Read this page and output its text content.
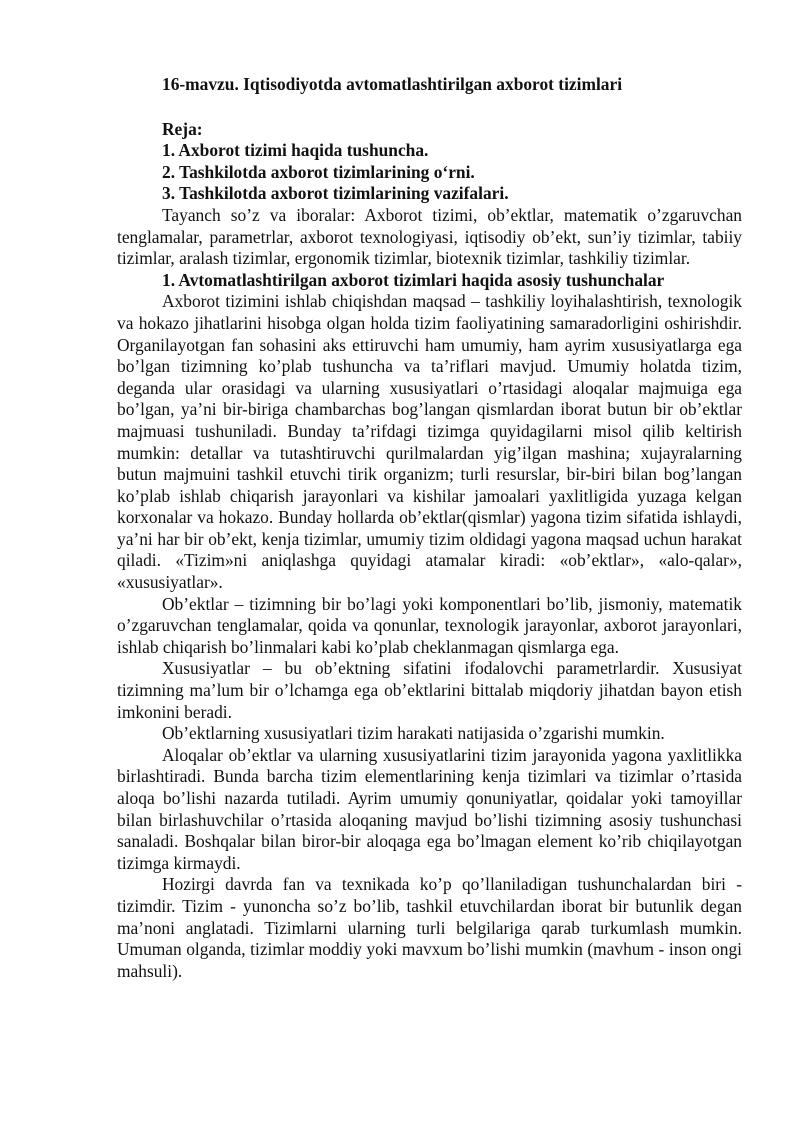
16-mavzu. Iqtisodiyotda avtomatlashtirilgan axborot tizimlari
Reja:
1. Axborot tizimi haqida tushuncha.
2. Tashkilotda axborot tizimlarining o‘rni.
3. Tashkilotda axborot tizimlarining vazifalari.

Tayanch so’z va iboralar: Axborot tizimi, ob’ektlar, matematik o’zgaruvchan tenglamalar, parametrlar, axborot texnologiyasi, iqtisodiy ob’ekt, sun’iy tizimlar, tabiiy tizimlar, aralash tizimlar, ergonomik tizimlar, biotexnik tizimlar, tashkiliy tizimlar.

1. Avtomatlashtirilgan axborot tizimlari haqida asosiy tushunchalar

Axborot tizimini ishlab chiqishdan maqsad – tashkiliy loyihalashtirish, texnologik va hokazo jihatlarini hisobga olgan holda tizim faoliyatining samaradorligini oshirishdir. Organilayotgan fan sohasini aks ettiruvchi ham umumiy, ham ayrim xususiyatlarga ega bo’lgan tizimning ko’plab tushuncha va ta’riflari mavjud. Umumiy holatda tizim, deganda ular orasidagi va ularning xususiyatlari o’rtasidagi aloqalar majmuiga ega bo’lgan, ya’ni bir-biriga chambarchas bog’langan qismlardan iborat butun bir ob’ektlar majmuasi tushuniladi. Bunday ta’rifdagi tizimga quyidagilarni misol qilib keltirish mumkin: detallar va tutashtiruvchi qurilmalardan yig’ilgan mashina; xujayralarning butun majmuini tashkil etuvchi tirik organizm; turli resurslar, bir-biri bilan bog’langan ko’plab ishlab chiqarish jarayonlari va kishilar jamoalari yaxlitligida yuzaga kelgan korxonalar va hokazo. Bunday hollarda ob’ektlar(qismlar) yagona tizim sifatida ishlaydi, ya’ni har bir ob’ekt, kenja tizimlar, umumiy tizim oldidagi yagona maqsad uchun harakat qiladi. «Tizim»ni aniqlashga quyidagi atamalar kiradi: «ob’ektlar», «alo-qalar», «xususiyatlar».

Ob’ektlar – tizimning bir bo’lagi yoki komponentlari bo’lib, jismoniy, matematik o’zgaruvchan tenglamalar, qoida va qonunlar, texnologik jarayonlar, axborot jarayonlari, ishlab chiqarish bo’linmalari kabi ko’plab cheklanmagan qismlarga ega.

Xususiyatlar – bu ob’ektning sifatini ifodalovchi parametrlardir. Xususiyat tizimning ma’lum bir o’lchamga ega ob’ektlarini bittalab miqdoriy jihatdan bayon etish imkonini beradi.

Ob’ektlarning xususiyatlari tizim harakati natijasida o’zgarishi mumkin.

Aloqalar ob’ektlar va ularning xususiyatlarini tizim jarayonida yagona yaxlitlikka birlashtiradi. Bunda barcha tizim elementlarining kenja tizimlari va tizimlar o’rtasida aloqa bo’lishi nazarda tutiladi. Ayrim umumiy qonuniyatlar, qoidalar yoki tamoyillar bilan birlashuvchilar o’rtasida aloqaning mavjud bo’lishi tizimning asosiy tushunchasi sanaladi. Boshqalar bilan biror-bir aloqaga ega bo’lmagan element ko’rib chiqilayotgan tizimga kirmaydi.

Hozirgi davrda fan va texnikada ko’p qo’llaniladigan tushunchalardan biri - tizimdir. Tizim - yunoncha so’z bo’lib, tashkil etuvchilardan iborat bir butunlik degan ma’noni anglatadi. Tizimlarni ularning turli belgilariga qarab turkumlash mumkin. Umuman olganda, tizimlar moddiy yoki mavxum bo’lishi mumkin (mavhum - inson ongi mahsuli).
